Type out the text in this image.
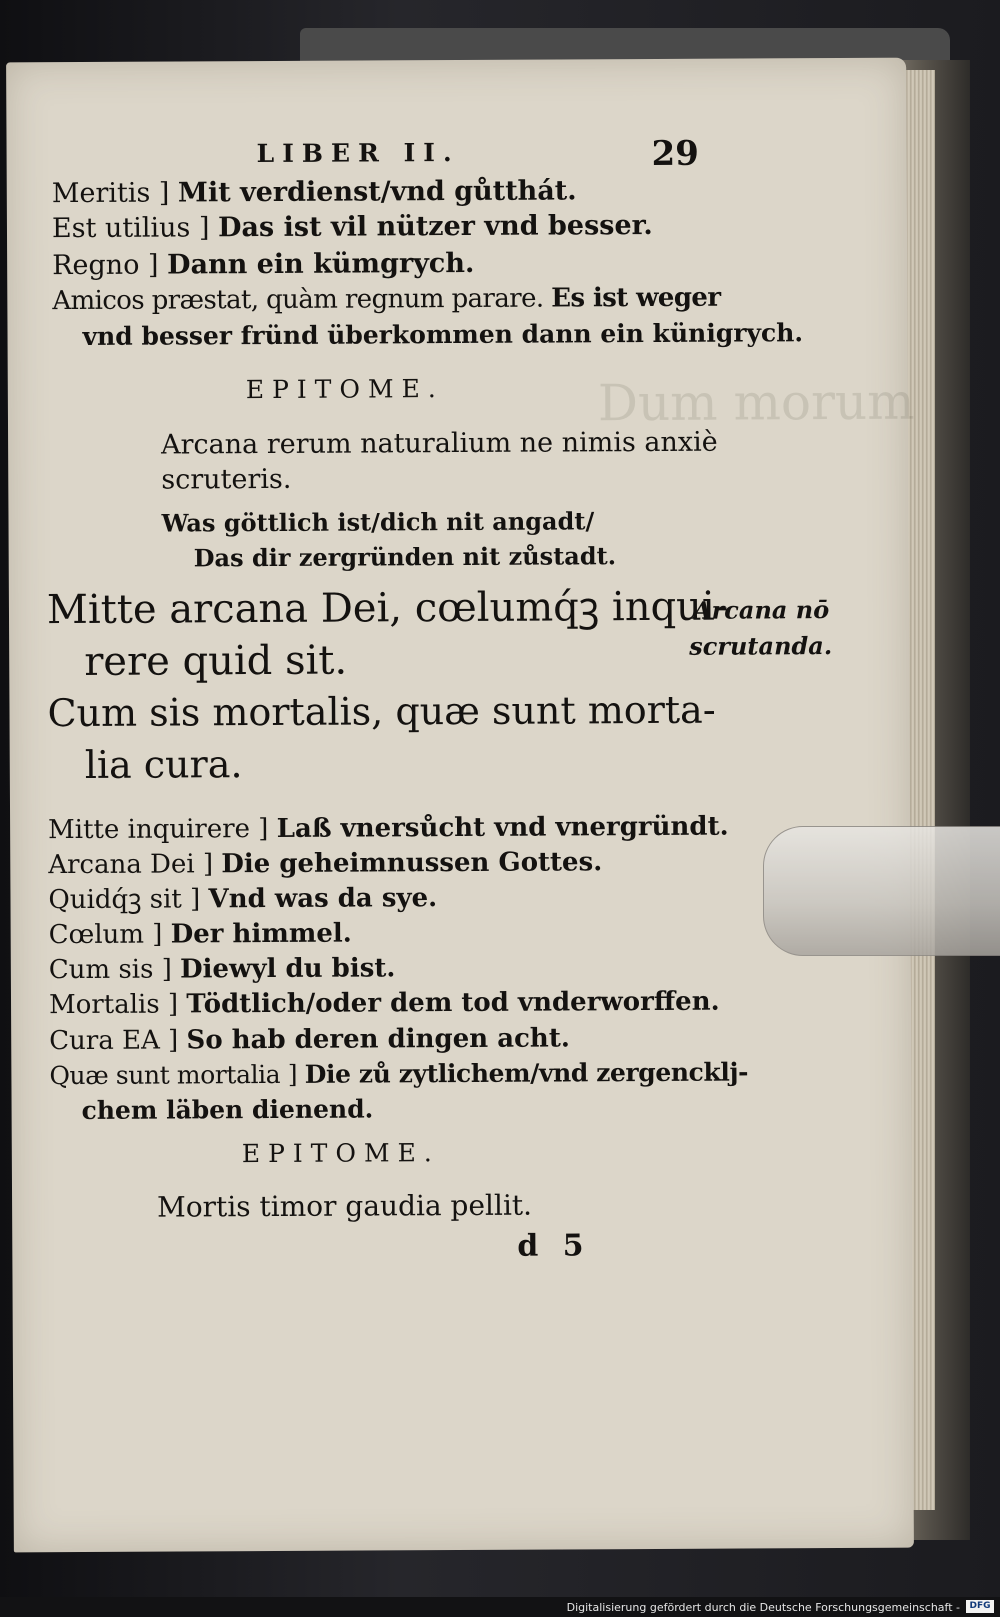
Dum morum
LIBER II.	29
Meritis ] Mit verdienst/vnd gůtthát.
Est utilius ] Das ist vil nützer vnd besser.
Regno ] Dann ein kümgrych.
Amicos præstat, quàm regnum parare. Es ist weger
vnd besser fründ überkommen dann ein künigrych.
EPITOME.
Arcana rerum naturalium ne nimis anxiè
scruteris.
Was göttlich ist/dich nit angadt/
Das dir zergründen nit zůstadt.
Mitte arcana Dei, cœlumq́ꝫ inqui-
rere quid sit.
Cum sis mortalis, quæ sunt morta-
lia cura.
Arcana nō
scrutanda.
Mitte inquirere ] Laß vnersůcht vnd vnergründt.
Arcana Dei ] Die geheimnussen Gottes.
Quidq́ꝫ sit ] Vnd was da sye.
Cœlum ] Der himmel.
Cum sis ] Diewyl du bist.
Mortalis ] Tödtlich/oder dem tod vnderworffen.
Cura EA ] So hab deren dingen acht.
Quæ sunt mortalia ] Die zů zytlichem/vnd zergencklj-
chem läben dienend.
EPITOME.
Mortis timor gaudia pellit.
d 5
Digitalisierung gefördert durch die Deutsche Forschungsgemeinschaft -	DFG
